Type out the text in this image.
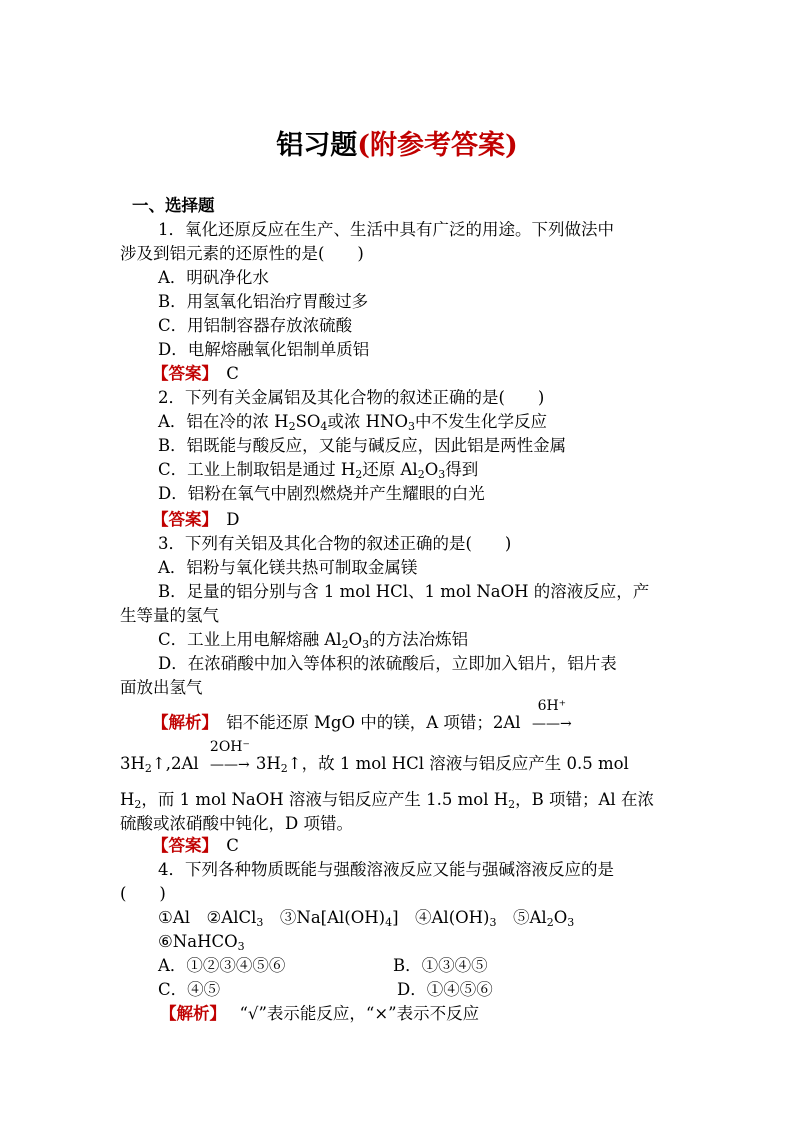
铝习题(附参考答案)
一、选择题
1．氧化还原反应在生产、生活中具有广泛的用途。下列做法中
涉及到铝元素的还原性的是(　　)
A．明矾净化水
B．用氢氧化铝治疗胃酸过多
C．用铝制容器存放浓硫酸
D．电解熔融氧化铝制单质铝
【答案】　 C
2．下列有关金属铝及其化合物的叙述正确的是(　　)
A．铝在冷的浓 $H_2SO_4$或浓 $HNO_3$中不发生化学反应
B．铝既能与酸反应，又能与碱反应，因此铝是两性金属
C．工业上制取铝是通过 $H_2$还原 $Al_2O_3$得到
D．铝粉在氧气中剧烈燃烧并产生耀眼的白光
【答案】　 D
3．下列有关铝及其化合物的叙述正确的是(　　)
A．铝粉与氧化镁共热可制取金属镁
B．足量的铝分别与含 1 mol HCl、1 mol NaOH 的溶液反应，产
生等量的氢气
C．工业上用电解熔融 $Al_2O_3$的方法冶炼铝
D．在浓硝酸中加入等体积的浓硫酸后，立即加入铝片，铝片表
面放出氢气
【解析】　 铝不能还原 MgO 中的镁，A 项错；2Al
6H⁺
——→
$3H_2↑,2Al$
2OH⁻
——→ $3H_2↑$，故 1 mol HCl 溶液与铝反应产生 0.5 mol
$H_2$，而 1 mol NaOH 溶液与铝反应产生 1.5 mol $H_2$，B 项错；Al 在浓
硫酸或浓硝酸中钝化，D 项错。
【答案】　 C
4．下列各种物质既能与强酸溶液反应又能与强碱溶液反应的是
(　　)
①Al　②AlCl$_3$　$③Na[Al(OH)_4]$　$④Al(OH)_3$　$⑤Al_2O_3$
⑥NaHCO$_3$
A．①②③④⑤⑥	B．①③④⑤
C．④⑤	D．①④⑤⑥
【解析】　 “√”表示能反应，“×”表示不反应
